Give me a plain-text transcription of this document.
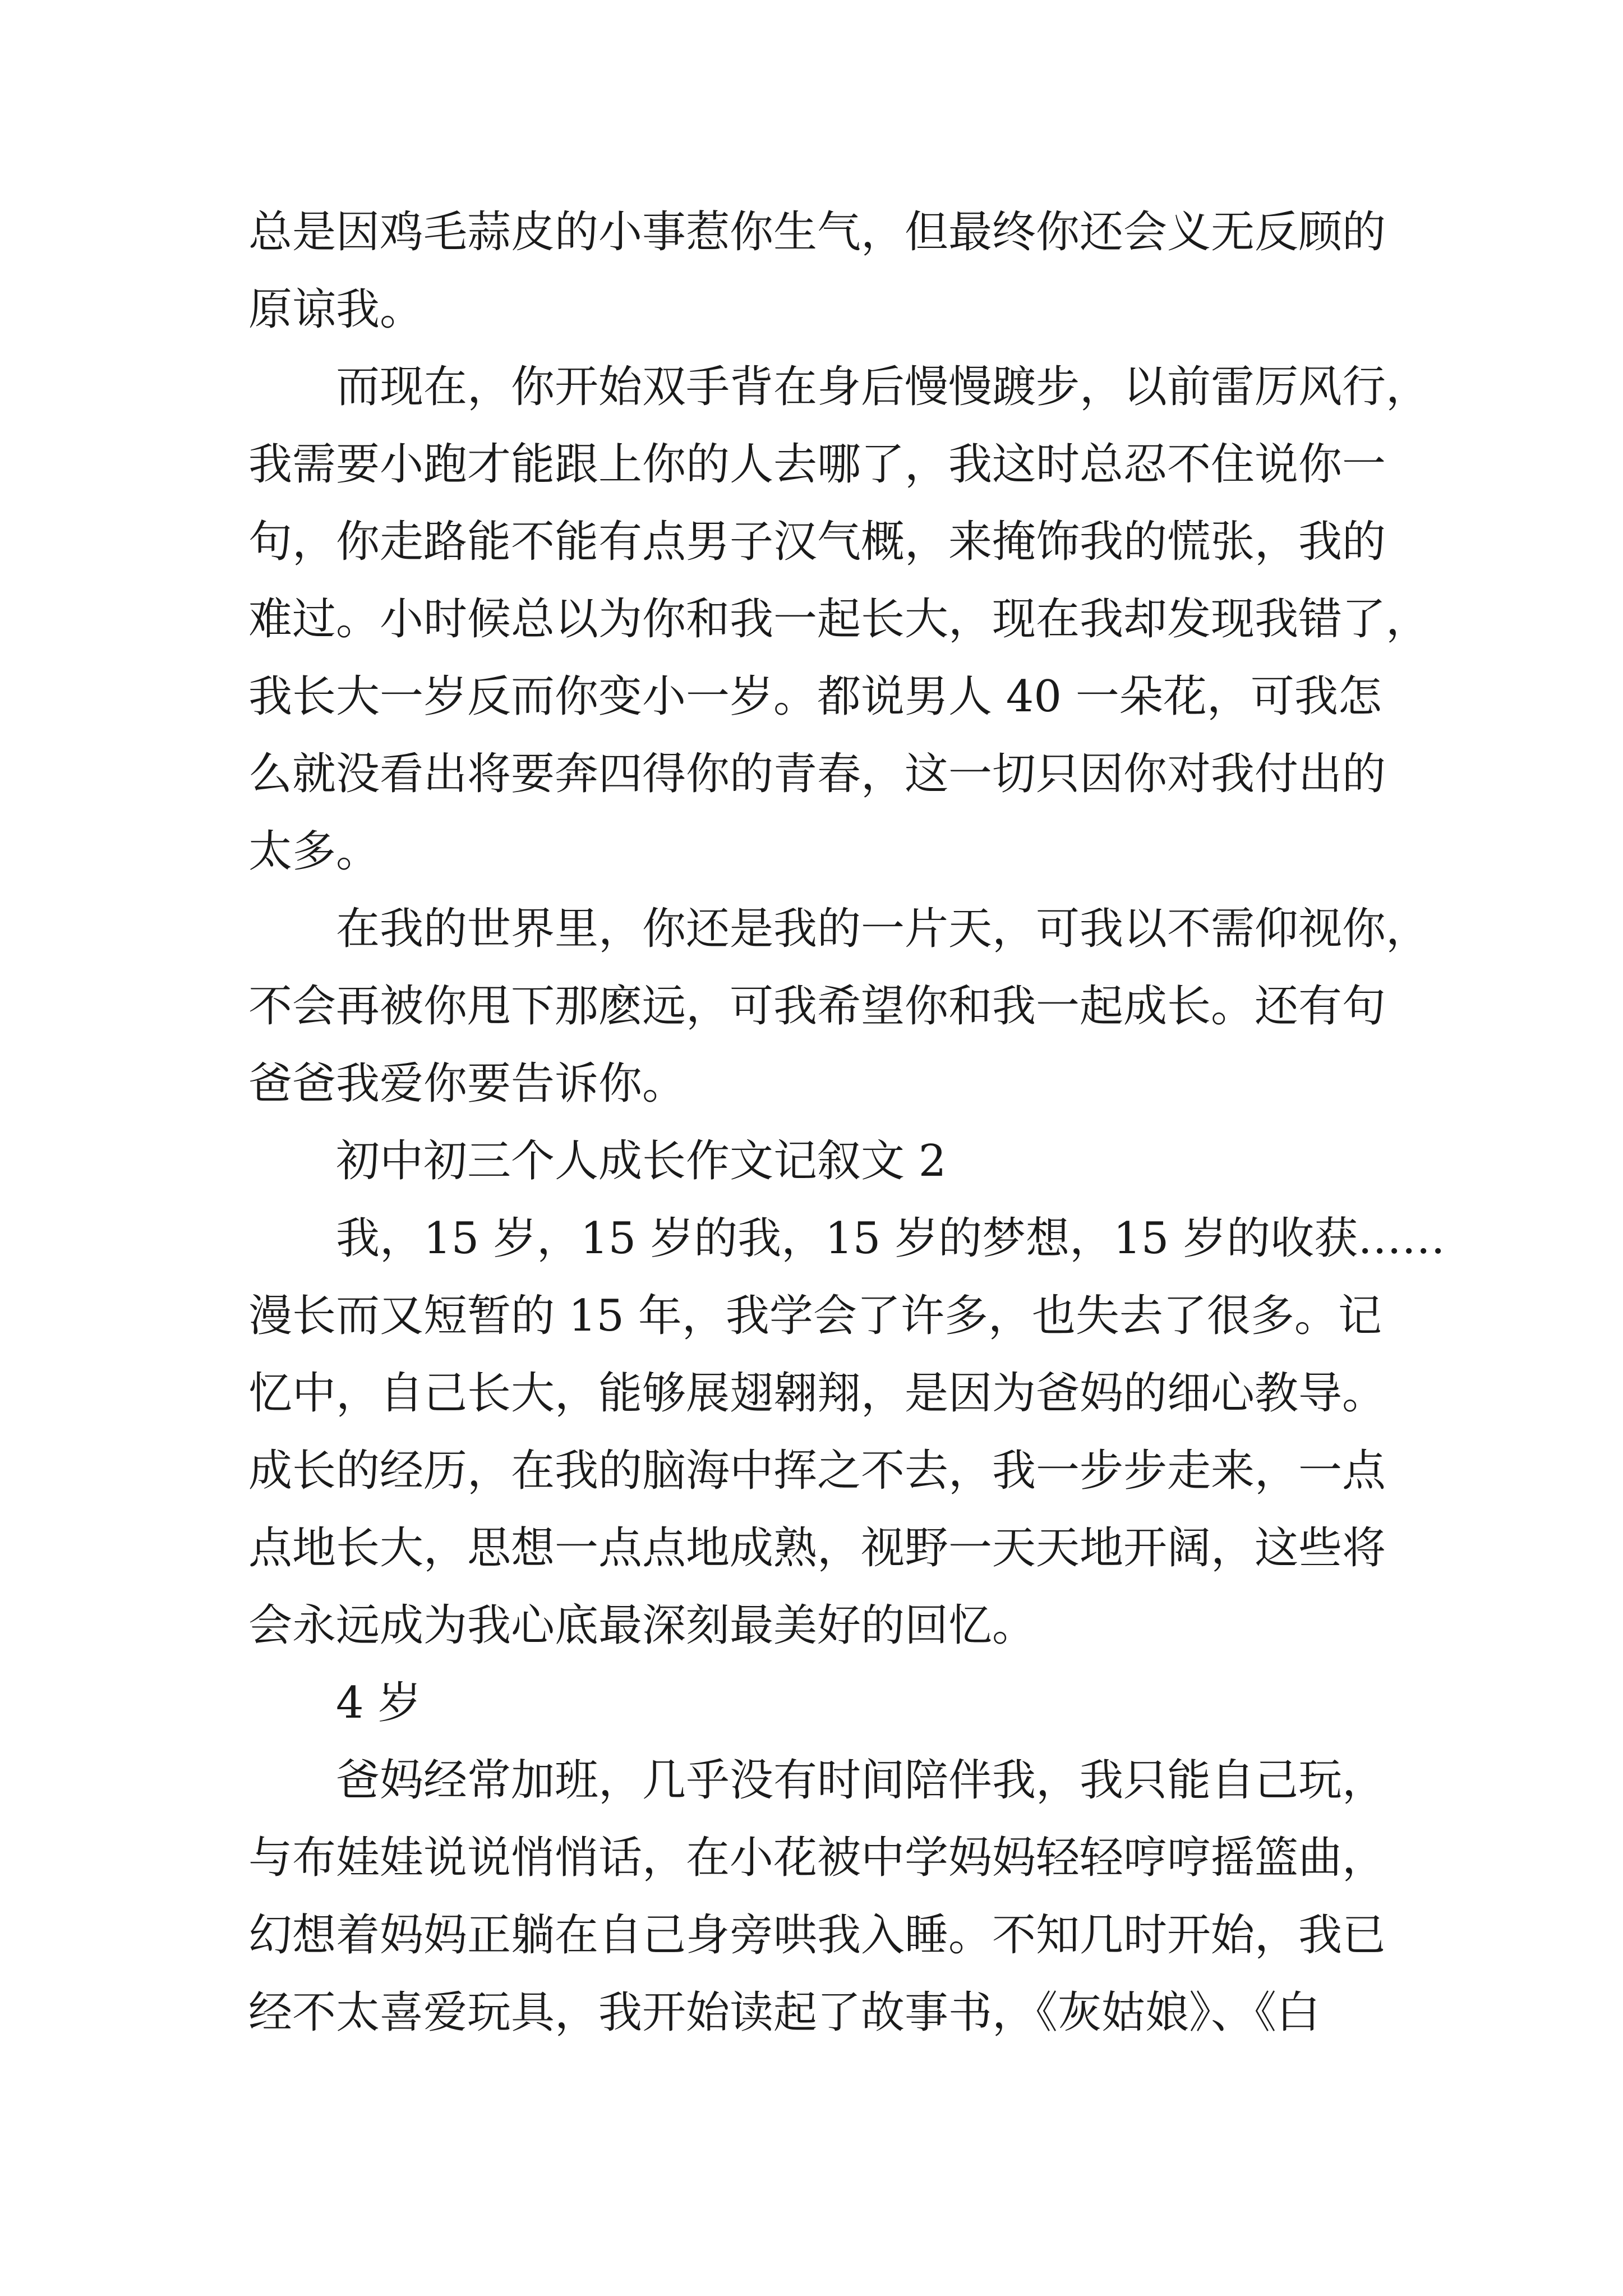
总是因鸡毛蒜皮的小事惹你生气，但最终你还会义无反顾的
原谅我。
而现在，你开始双手背在身后慢慢踱步，以前雷厉风行，
我需要小跑才能跟上你的人去哪了，我这时总忍不住说你一
句，你走路能不能有点男子汉气概，来掩饰我的慌张，我的
难过。小时候总以为你和我一起长大，现在我却发现我错了，
我长大一岁反而你变小一岁。都说男人 40 一朵花，可我怎
么就没看出将要奔四得你的青春，这一切只因你对我付出的
太多。
在我的世界里，你还是我的一片天，可我以不需仰视你，
不会再被你甩下那麽远，可我希望你和我一起成长。还有句
爸爸我爱你要告诉你。
初中初三个人成长作文记叙文 2
我，15 岁，15 岁的我，15 岁的梦想，15 岁的收获……
漫长而又短暂的 15 年，我学会了许多，也失去了很多。记
忆中，自己长大，能够展翅翱翔，是因为爸妈的细心教导。
成长的经历，在我的脑海中挥之不去，我一步步走来，一点
点地长大，思想一点点地成熟，视野一天天地开阔，这些将
会永远成为我心底最深刻最美好的回忆。
4 岁
爸妈经常加班，几乎没有时间陪伴我，我只能自己玩，
与布娃娃说说悄悄话，在小花被中学妈妈轻轻哼哼摇篮曲，
幻想着妈妈正躺在自己身旁哄我入睡。不知几时开始，我已
经不太喜爱玩具，我开始读起了故事书，《灰姑娘》、《白
